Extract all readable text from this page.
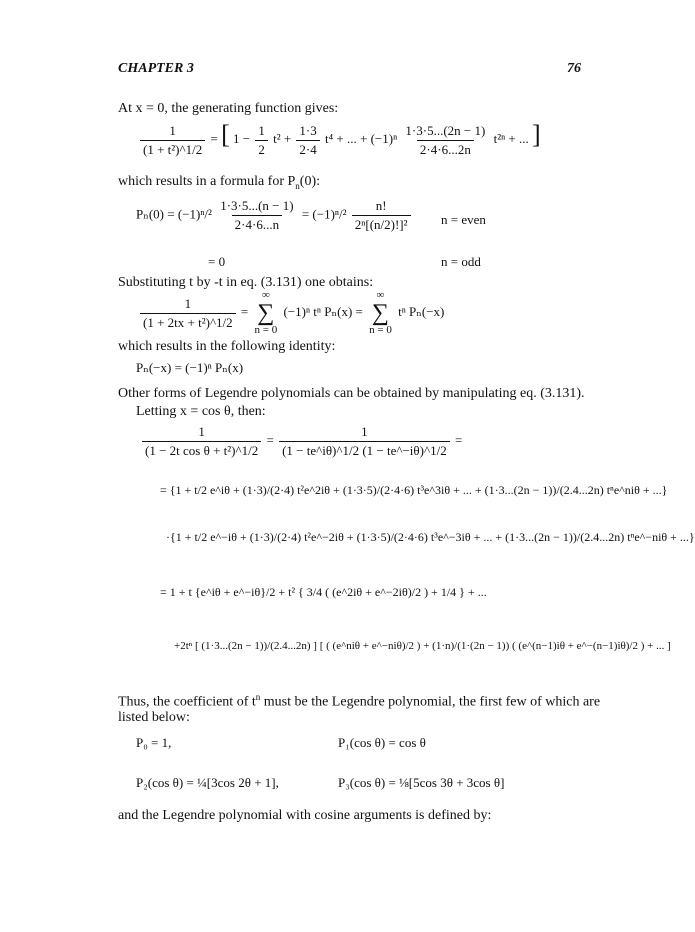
CHAPTER 3	76
At x = 0, the generating function gives:
$\frac{1}{\text{(1 + t²)\textasciicircum{}1/2}}$ = [ $1 - \frac{1}{2} t^2 + \frac{1\cdot 3}{2\cdot 4} t^4$ + ... + $(-1)^n \frac{1\cdot 3\cdot 5...(2n - 1)}{2\cdot 4\cdot 6...2n} t^{2n}$ + ... ]
which results in a formula for $P_n(0)$:
$P_n(0) = (-1)^n/^2 \frac{1\cdot 3\cdot 5...(n - 1)}{2\cdot 4\cdot 6...n} = (-1)^n/^2 \frac{n!}{\text{2ⁿ[(n/2)!]²}}$ n = even
= 0	n = odd
Substituting t by -t in eq. (3.131) one obtains:
$\frac{1}{\text{(1 + 2tx + t²)\textasciicircum{}1/2}}$ =
∞
∑
n = 0
(−1)ⁿ tⁿ Pₙ(x) =
∞
∑
n = 0
tⁿ Pₙ(−x)
which results in the following identity:
Pₙ(−x) = (−1)ⁿ Pₙ(x)
Other forms of Legendre polynomials can be obtained by manipulating eq. (3.131).
Letting x = cos θ, then:
$\frac{1}{\text{(1 − 2t cos θ + t²)\textasciicircum{}1/2}} = \frac{1}{(1 - te\^{}i\theta)\^{}1/2 (1 - te\^{}-i\theta)\^{}1/2}$ =
= {1 + t/2 e^iθ + (1·3)/(2·4) t²e^2iθ + (1·3·5)/(2·4·6) t³e^3iθ + ... + (1·3...(2n − 1))/(2.4...2n) tⁿe^niθ + ...}
·{1 + t/2 e^−iθ + (1·3)/(2·4) t²e^−2iθ + (1·3·5)/(2·4·6) t³e^−3iθ + ... + (1·3...(2n − 1))/(2.4...2n) tⁿe^−niθ + ...}
= 1 + t {e^iθ + e^−iθ}/2 + t² { 3/4 ( (e^2iθ + e^−2iθ)/2 ) + 1/4 } + ...
+2tⁿ [ (1·3...(2n − 1))/(2.4...2n) ] [ ( (e^niθ + e^−niθ)/2 ) + (1·n)/(1·(2n − 1)) ( (e^(n−1)iθ + e^−(n−1)iθ)/2 ) + ... ]
Thus, the coefficient of $t^n$ must be the Legendre polynomial, the first few of which are
listed below:
P₀ = 1,	P₁(cos θ) = cos θ
P₂(cos θ) = ¼[3cos 2θ + 1],	P₃(cos θ) = ⅛[5cos 3θ + 3cos θ]
and the Legendre polynomial with cosine arguments is defined by:
